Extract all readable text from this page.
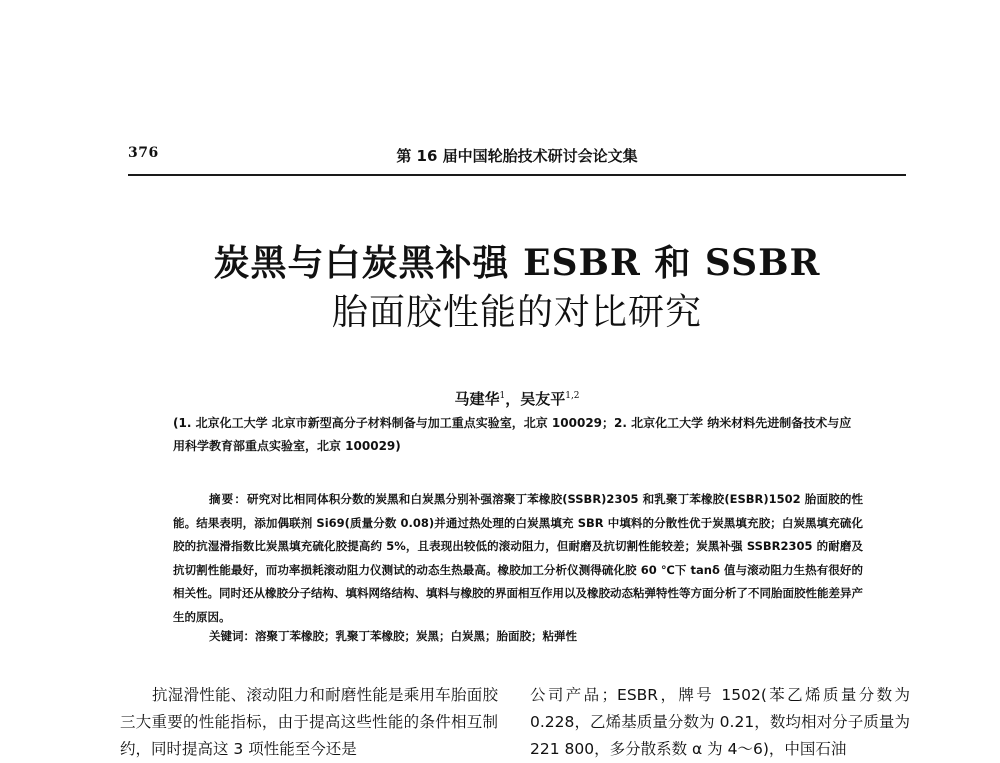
376	第 16 届中国轮胎技术研讨会论文集
炭黑与白炭黑补强 ESBR 和 SSBR
胎面胶性能的对比研究
马建华$^1$，吴友平$^{1,2}$
(1. 北京化工大学 北京市新型高分子材料制备与加工重点实验室，北京 100029；2. 北京化工大学 纳米材料先进制备技术与应用科学教育部重点实验室，北京 100029)
摘要：研究对比相同体积分数的炭黑和白炭黑分别补强溶聚丁苯橡胶(SSBR)2305 和乳聚丁苯橡胶(ESBR)1502 胎面胶的性能。结果表明，添加偶联剂 Si69(质量分数 0.08)并通过热处理的白炭黑填充 SBR 中填料的分散性优于炭黑填充胶；白炭黑填充硫化胶的抗湿滑指数比炭黑填充硫化胶提高约 5%，且表现出较低的滚动阻力，但耐磨及抗切割性能较差；炭黑补强 SSBR2305 的耐磨及抗切割性能最好，而功率损耗滚动阻力仪测试的动态生热最高。橡胶加工分析仪测得硫化胶 60 ℃下 tanδ 值与滚动阻力生热有很好的相关性。同时还从橡胶分子结构、填料网络结构、填料与橡胶的界面相互作用以及橡胶动态粘弹特性等方面分析了不同胎面胶性能差异产生的原因。
关键词：溶聚丁苯橡胶；乳聚丁苯橡胶；炭黑；白炭黑；胎面胶；粘弹性
抗湿滑性能、滚动阻力和耐磨性能是乘用车胎面胶三大重要的性能指标，由于提高这些性能的条件相互制约，同时提高这 3 项性能至今还是
公司产品；ESBR，牌号 1502(苯乙烯质量分数为 0.228，乙烯基质量分数为 0.21，数均相对分子质量为 221 800，多分散系数 α 为 4～6)，中国石油
